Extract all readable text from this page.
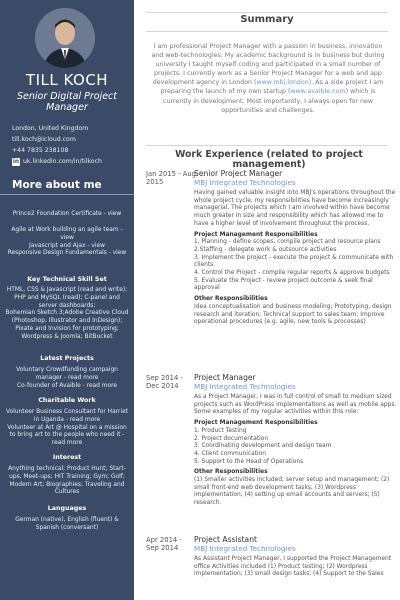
TILL KOCH
Senior Digital Project Manager
London, United Kingdom
till.koch@icloud.com
+44 7835 238108
in uk.linkedin.com/in/tilkoch
More about me
Prince2 Foundation Certificate - view
Agile at Work building an agile team - view
Javascript and Ajax - view
Responsive Design Fundamentals - view
Key Technical Skill Set
HTML, CSS & Javascript (read and write); PHP and MySQL (read); C-panel and server dashboards;
Bohemian Sketch 3;Adobe Creative Cloud (Photoshop, Illustrator and InDesign);
Pixate and Invision for prototyping; Wordpress & Joomla; BitBucket
Latest Projects
Voluntary Crowdfunding campaign manager - read more
Co-founder of Avaible - read more
Charitable Work
Volunteer Business Consultant for Harriet in Uganda - read more
Volunteer at Art @ Hospital on a mission to bring art to the people who need it - read more
Interest
Anything technical; Product Hunt; Start-ups, Meet-ups; HIT Training; Gym; Golf; Modern Art; Biographies; Traveling and Cultures
Languages
German (native), English (fluent) & Spanish (conversant)
Summary
I am professional Project Manager with a passion in business, innovation and web-technologies. My academic background is in business but during university I taught myself coding and participated in a small number of projects. I currently work as a Senior Project Manager for a web and app development agency in London (www.mbj.london). As a side project I am preparing the launch of my own startup (www.avaible.com) which is currently in development. Most importantly, I always open for new opportunities and challenges.
Work Experience (related to project management)
Jan 2015 - Aug 2015
Senior Project Manager
MBJ Integrated Technologies
Having gained valuable insight into MBJ's operations throughout the whole project cycle, my responsibilities have become increasingly managerial. The projects which I am involved within have become much greater in size and responsibility which has allowed me to have a higher level of involvement throughout the process.
Project Management Responsibilities
1. Planning - define scopes, compile project and resource plans
2.Staffing - delegate work & outsource activities
3. Implement the project - execute the project & communicate with clients
4. Control the Project - compile regular reports & approve budgets
5. Evaluate the Project - review project outcome & seek final approval
Other Responsibilities
Idea conceptualisation and business modeling; Prototyping, design research and iteration; Technical support to sales team; Improve operational procedures (e.g. agile, new tools & processes)
Sep 2014 - Dec 2014
Project Manager
MBJ Integrated Technologies
As a Project Manager, I was in full control of small to medium sized projects such as WordPress implementations as well as mobile apps. Some examples of my regular activities within this role:
Project Management Responsibilities
1. Product Testing
2. Project documentation
3. Coordinating development and design team
4. Client communication
5. Support to the Head of Operations
Other Responsibilities
(1) Smaller activities included; server setup and management; (2) small front-end web development tasks; (3) Wordpress implementation; (4) setting up email accounts and servers; (5) research.
Apr 2014 - Sep 2014
Project Assistant
MBJ Integrated Technologies
As Assistant Project Manager, I supported the Project Management office Activities included (1) Product testing; (2) Wordpress implementation; (3) small design tasks; (4) Support to the Sales
